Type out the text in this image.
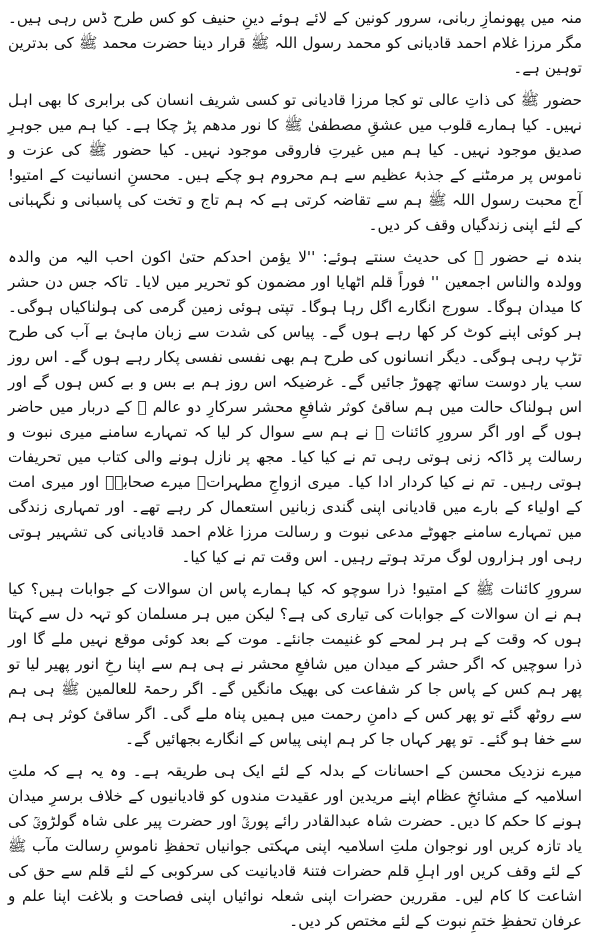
منہ میں پھونمازِ ربانی، سرور کونین کے لائے ہوئے دینِ حنیف کو کس طرح ڈس رہی ہیں۔ مگر مرزا غلام احمد قادیانی کو محمد رسول اللہ ﷺ قرار دینا حضرت محمد ﷺ کی بدترین توہین ہے۔

حضور ﷺ کی ذاتِ عالی تو کجا مرزا قادیانی تو کسی شریف انسان کی برابری کا بھی اہل نہیں۔ کیا ہمارے قلوب میں عشقِ مصطفیٰ ﷺ کا نور مدھم پڑ چکا ہے۔ کیا ہم میں جوہرِ صدیق موجود نہیں۔ کیا ہم میں غیرتِ فاروقی موجود نہیں۔ کیا حضور ﷺ کی عزت و ناموس پر مرمٹنے کے جذبۂ عظیم سے ہم محروم ہو چکے ہیں۔ محسنِ انسانیت کے امتیو! آج محبت رسول اللہ ﷺ ہم سے تقاضہ کرتی ہے کہ ہم تاج و تخت کی پاسبانی و نگہبانی کے لئے اپنی زندگیاں وقف کر دیں۔

بندہ نے حضور ﷺ کی حدیث سنتے ہوئے: ''لا یؤمن احدکم حتیٰ اکون احب الیہ من والدہ وولدہ والناس اجمعین '' فوراً قلم اٹھایا اور مضمون کو تحریر میں لایا۔ تاکہ جس دن حشر کا میدان ہوگا۔ سورج انگارے اگل رہا ہوگا۔ تپتی ہوئی زمین گرمی کی ہولناکیاں ہوگی۔ ہر کوئی اپنے کوٹ کر کھا رہے ہوں گے۔ پیاس کی شدت سے زبان ماہیٔ بے آب کی طرح تڑپ رہی ہوگی۔ دیگر انسانوں کی طرح ہم بھی نفسی نفسی پکار رہے ہوں گے۔ اس روز سب یار دوست ساتھ چھوڑ جائیں گے۔ غرضیکہ اس روز ہم بے بس و بے کس ہوں گے اور اس ہولناک حالت میں ہم ساقیٔ کوثر شافعِ محشر سرکارِ دو عالم ﷺ کے دربار میں حاضر ہوں گے اور اگر سرورِ کائنات ﷺ نے ہم سے سوال کر لیا کہ تمہارے سامنے میری نبوت و رسالت پر ڈاکہ زنی ہوتی رہی تم نے کیا کیا۔ مجھ پر نازل ہونے والی کتاب میں تحریفات ہوتی رہیں۔ تم نے کیا کردار ادا کیا۔ میری ازواجِ مطہراتؓ میرے صحابہؓ اور میری امت کے اولیاء کے بارے میں قادیانی اپنی گندی زبانیں استعمال کر رہے تھے۔ اور تمہاری زندگی میں تمہارے سامنے جھوٹے مدعی نبوت و رسالت مرزا غلام احمد قادیانی کی تشہیر ہوتی رہی اور ہزاروں لوگ مرتد ہوتے رہیں۔ اس وقت تم نے کیا کیا۔

سرورِ کائنات ﷺ کے امتیو! ذرا سوچو کہ کیا ہمارے پاس ان سوالات کے جوابات ہیں؟ کیا ہم نے ان سوالات کے جوابات کی تیاری کی ہے؟ لیکن میں ہر مسلمان کو تہہ دل سے کہتا ہوں کہ وقت کے ہر ہر لمحے کو غنیمت جانئے۔ موت کے بعد کوئی موقع نہیں ملے گا اور ذرا سوچیں کہ اگر حشر کے میدان میں شافعِ محشر نے ہی ہم سے اپنا رخِ انور پھیر لیا تو پھر ہم کس کے پاس جا کر شفاعت کی بھیک مانگیں گے۔ اگر رحمۃ للعالمین ﷺ ہی ہم سے روٹھ گئے تو پھر کس کے دامنِ رحمت میں ہمیں پناہ ملے گی۔ اگر ساقیٔ کوثر ہی ہم سے خفا ہو گئے۔ تو پھر کہاں جا کر ہم اپنی پیاس کے انگارے بجھائیں گے۔

میرے نزدیک محسن کے احسانات کے بدلہ کے لئے ایک ہی طریقہ ہے۔ وہ یہ ہے کہ ملتِ اسلامیہ کے مشائخِ عظام اپنے مریدین اور عقیدت مندوں کو قادیانیوں کے خلاف برسرِ میدان ہونے کا حکم کا دیں۔ حضرت شاہ عبدالقادر رائے پوریؒ اور حضرت پیر علی شاہ گولڑویؒ کی یاد تازہ کریں اور نوجوان ملتِ اسلامیہ اپنی مہکتی جوانیاں تحفظِ ناموسِ رسالت مآب ﷺ کے لئے وقف کریں اور اہلِ قلم حضرات فتنۂ قادیانیت کی سرکوبی کے لئے قلم سے حق کی اشاعت کا کام لیں۔ مقررین حضرات اپنی شعلہ نوائیاں اپنی فصاحت و بلاغت اپنا علم و عرفان تحفظِ ختمِ نبوت کے لئے مختص کر دیں۔
